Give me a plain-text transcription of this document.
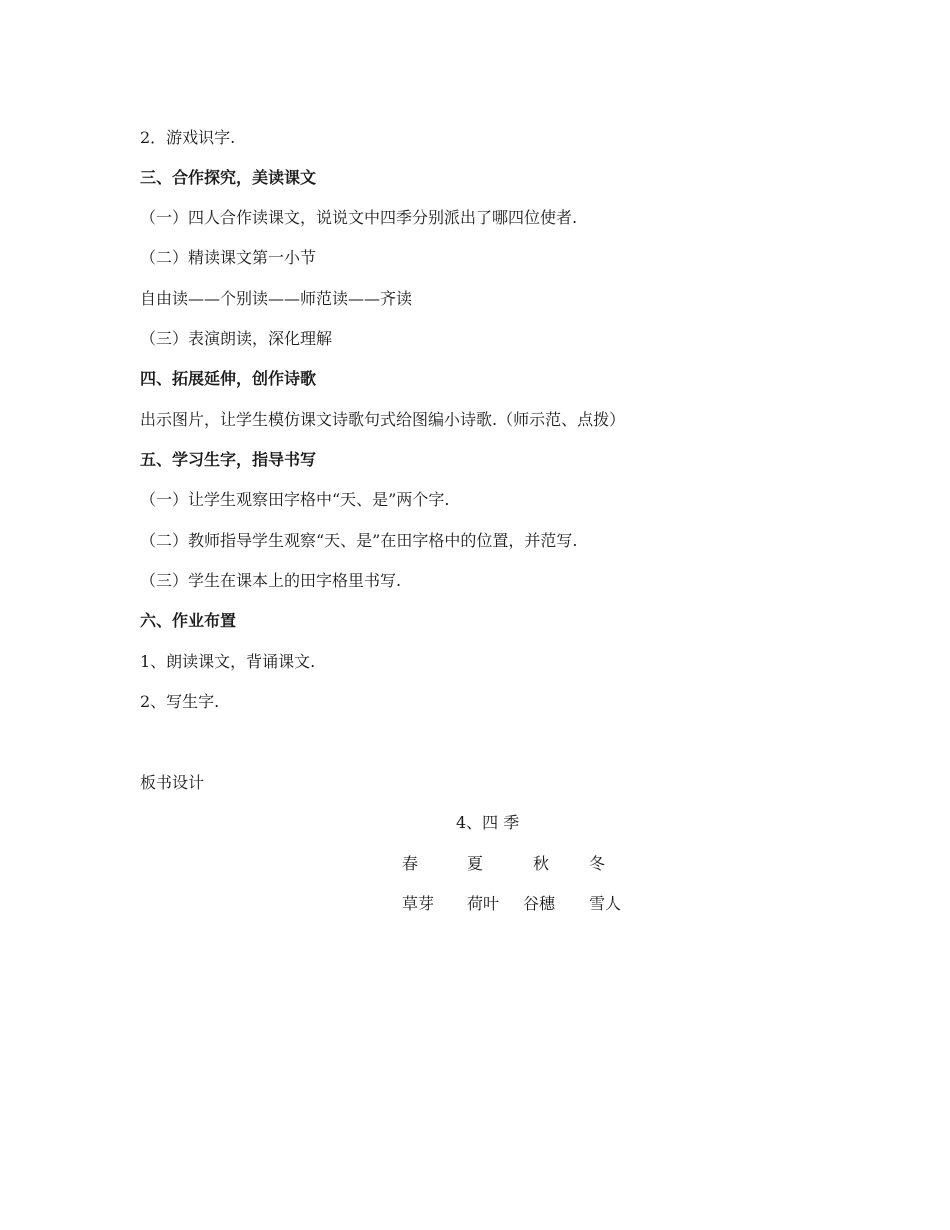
2．游戏识字.
三、合作探究，美读课文
（一）四人合作读课文，说说文中四季分别派出了哪四位使者.
（二）精读课文第一小节
自由读——个别读——师范读——齐读
（三）表演朗读，深化理解
四、拓展延伸，创作诗歌
出示图片，让学生模仿课文诗歌句式给图编小诗歌.（师示范、点拨）
五、学习生字，指导书写
（一）让学生观察田字格中“天、是”两个字.
（二）教师指导学生观察“天、是”在田字格中的位置，并范写.
（三）学生在课本上的田字格里书写.
六、作业布置
1、朗读课文，背诵课文.
2、写生字.
板书设计
4、四 季
春	夏	秋 冬
草芽 荷叶 谷穗 雪人
